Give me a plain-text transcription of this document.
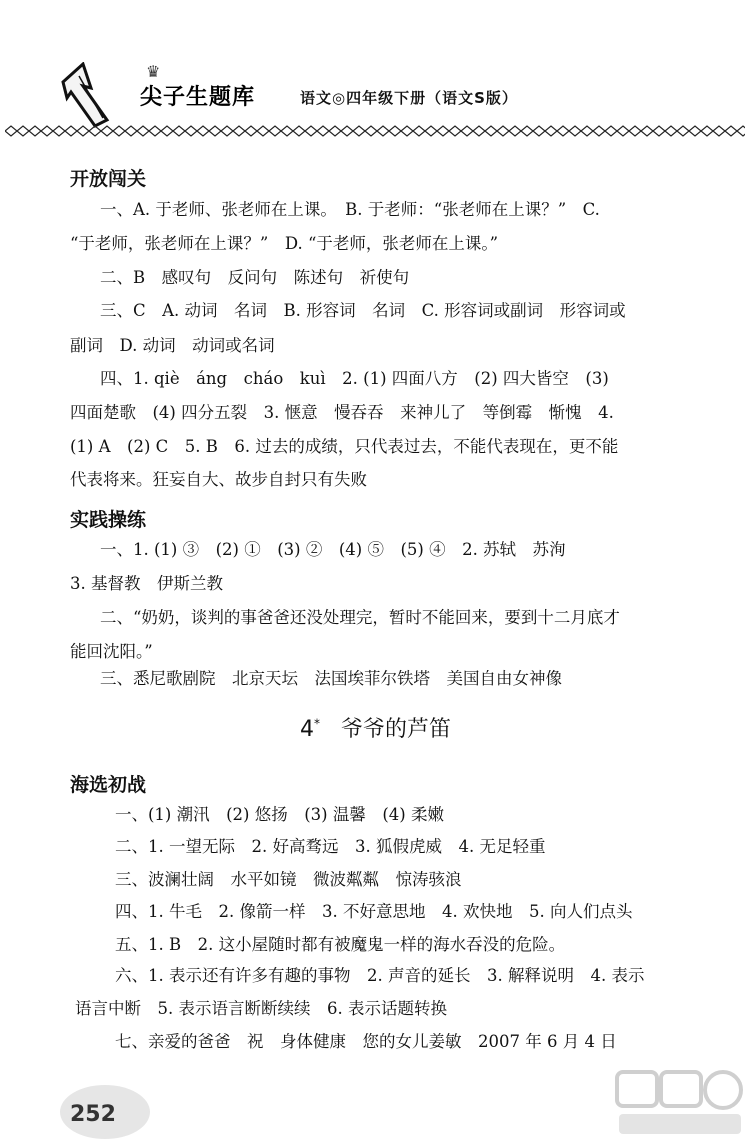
♛
尖子生题库	语文◎四年级下册（语文S版）
开放闯关
一、A. 于老师、张老师在上课。　B. 于老师：“张老师在上课？”　C.
“于老师，张老师在上课？”　D. “于老师，张老师在上课。”
二、B　感叹句　反问句　陈述句　祈使句
三、C　A. 动词　名词　B. 形容词　名词　C. 形容词或副词　形容词或
副词　D. 动词　动词或名词
四、1. qiè　áng　cháo　kuì　2. (1) 四面八方　(2) 四大皆空　(3)
四面楚歌　(4) 四分五裂　3. 惬意　慢吞吞　来神儿了　等倒霉　惭愧　4.
(1) A　(2) C　5. B　6. 过去的成绩，只代表过去，不能代表现在，更不能
代表将来。狂妄自大、故步自封只有失败
实践操练
一、1. (1) ③　(2) ①　(3) ②　(4) ⑤　(5) ④　2. 苏轼　苏洵
3. 基督教　伊斯兰教
二、“奶奶，谈判的事爸爸还没处理完，暂时不能回来，要到十二月底才
能回沈阳。”
三、悉尼歌剧院　北京天坛　法国埃菲尔铁塔　美国自由女神像
4* 爷爷的芦笛
海选初战
一、(1) 潮汛　(2) 悠扬　(3) 温馨　(4) 柔嫩
二、1. 一望无际　2. 好高骛远　3. 狐假虎威　4. 无足轻重
三、波澜壮阔　水平如镜　微波粼粼　惊涛骇浪
四、1. 牛毛　2. 像箭一样　3. 不好意思地　4. 欢快地　5. 向人们点头
五、1. B　2. 这小屋随时都有被魔鬼一样的海水吞没的危险。
六、1. 表示还有许多有趣的事物　2. 声音的延长　3. 解释说明　4. 表示
语言中断　5. 表示语言断断续续　6. 表示话题转换
七、亲爱的爸爸　祝　身体健康　您的女儿姜敏　2007 年 6 月 4 日
252
